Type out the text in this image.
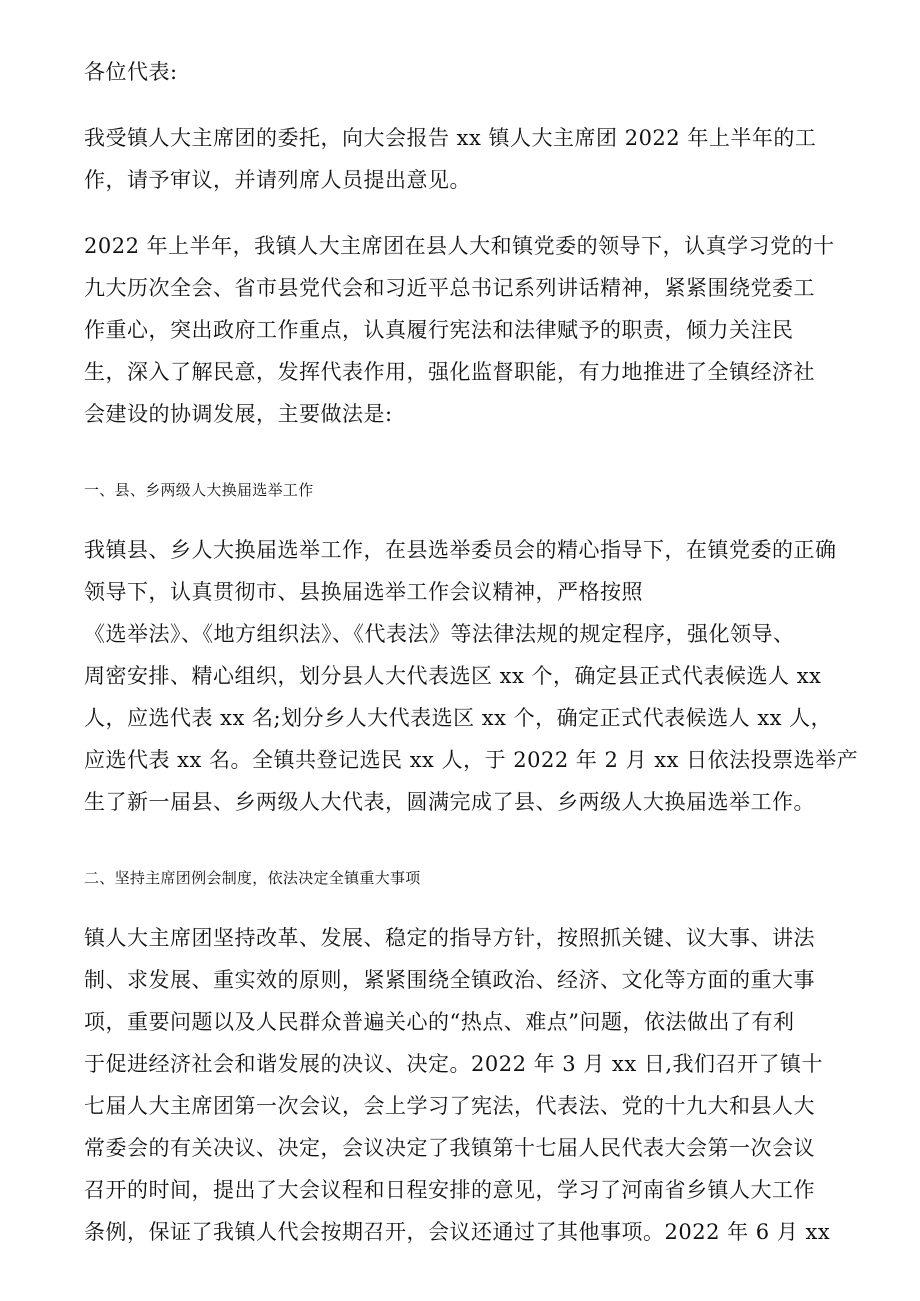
各位代表:
我受镇人大主席团的委托，向大会报告 xx 镇人大主席团 2022 年上半年的工
作，请予审议，并请列席人员提出意见。
2022 年上半年，我镇人大主席团在县人大和镇党委的领导下，认真学习党的十
九大历次全会、省市县党代会和习近平总书记系列讲话精神，紧紧围绕党委工
作重心，突出政府工作重点，认真履行宪法和法律赋予的职责，倾力关注民
生，深入了解民意，发挥代表作用，强化监督职能，有力地推进了全镇经济社
会建设的协调发展，主要做法是:
一、县、乡两级人大换届选举工作
我镇县、乡人大换届选举工作，在县选举委员会的精心指导下，在镇党委的正确
领导下，认真贯彻市、县换届选举工作会议精神，严格按照
《选举法》、《地方组织法》、《代表法》等法律法规的规定程序，强化领导、
周密安排、精心组织，划分县人大代表选区 xx 个，确定县正式代表候选人 xx
人，应选代表 xx 名;划分乡人大代表选区 xx 个，确定正式代表候选人 xx 人，
应选代表 xx 名。全镇共登记选民 xx 人，于 2022 年 2 月 xx 日依法投票选举产
生了新一届县、乡两级人大代表，圆满完成了县、乡两级人大换届选举工作。
二、坚持主席团例会制度，依法决定全镇重大事项
镇人大主席团坚持改革、发展、稳定的指导方针，按照抓关键、议大事、讲法
制、求发展、重实效的原则，紧紧围绕全镇政治、经济、文化等方面的重大事
项，重要问题以及人民群众普遍关心的“热点、难点”问题，依法做出了有利
于促进经济社会和谐发展的决议、决定。2022 年 3 月 xx 日,我们召开了镇十
七届人大主席团第一次会议，会上学习了宪法，代表法、党的十九大和县人大
常委会的有关决议、决定，会议决定了我镇第十七届人民代表大会第一次会议
召开的时间，提出了大会议程和日程安排的意见，学习了河南省乡镇人大工作
条例，保证了我镇人代会按期召开，会议还通过了其他事项。2022 年 6 月 xx
